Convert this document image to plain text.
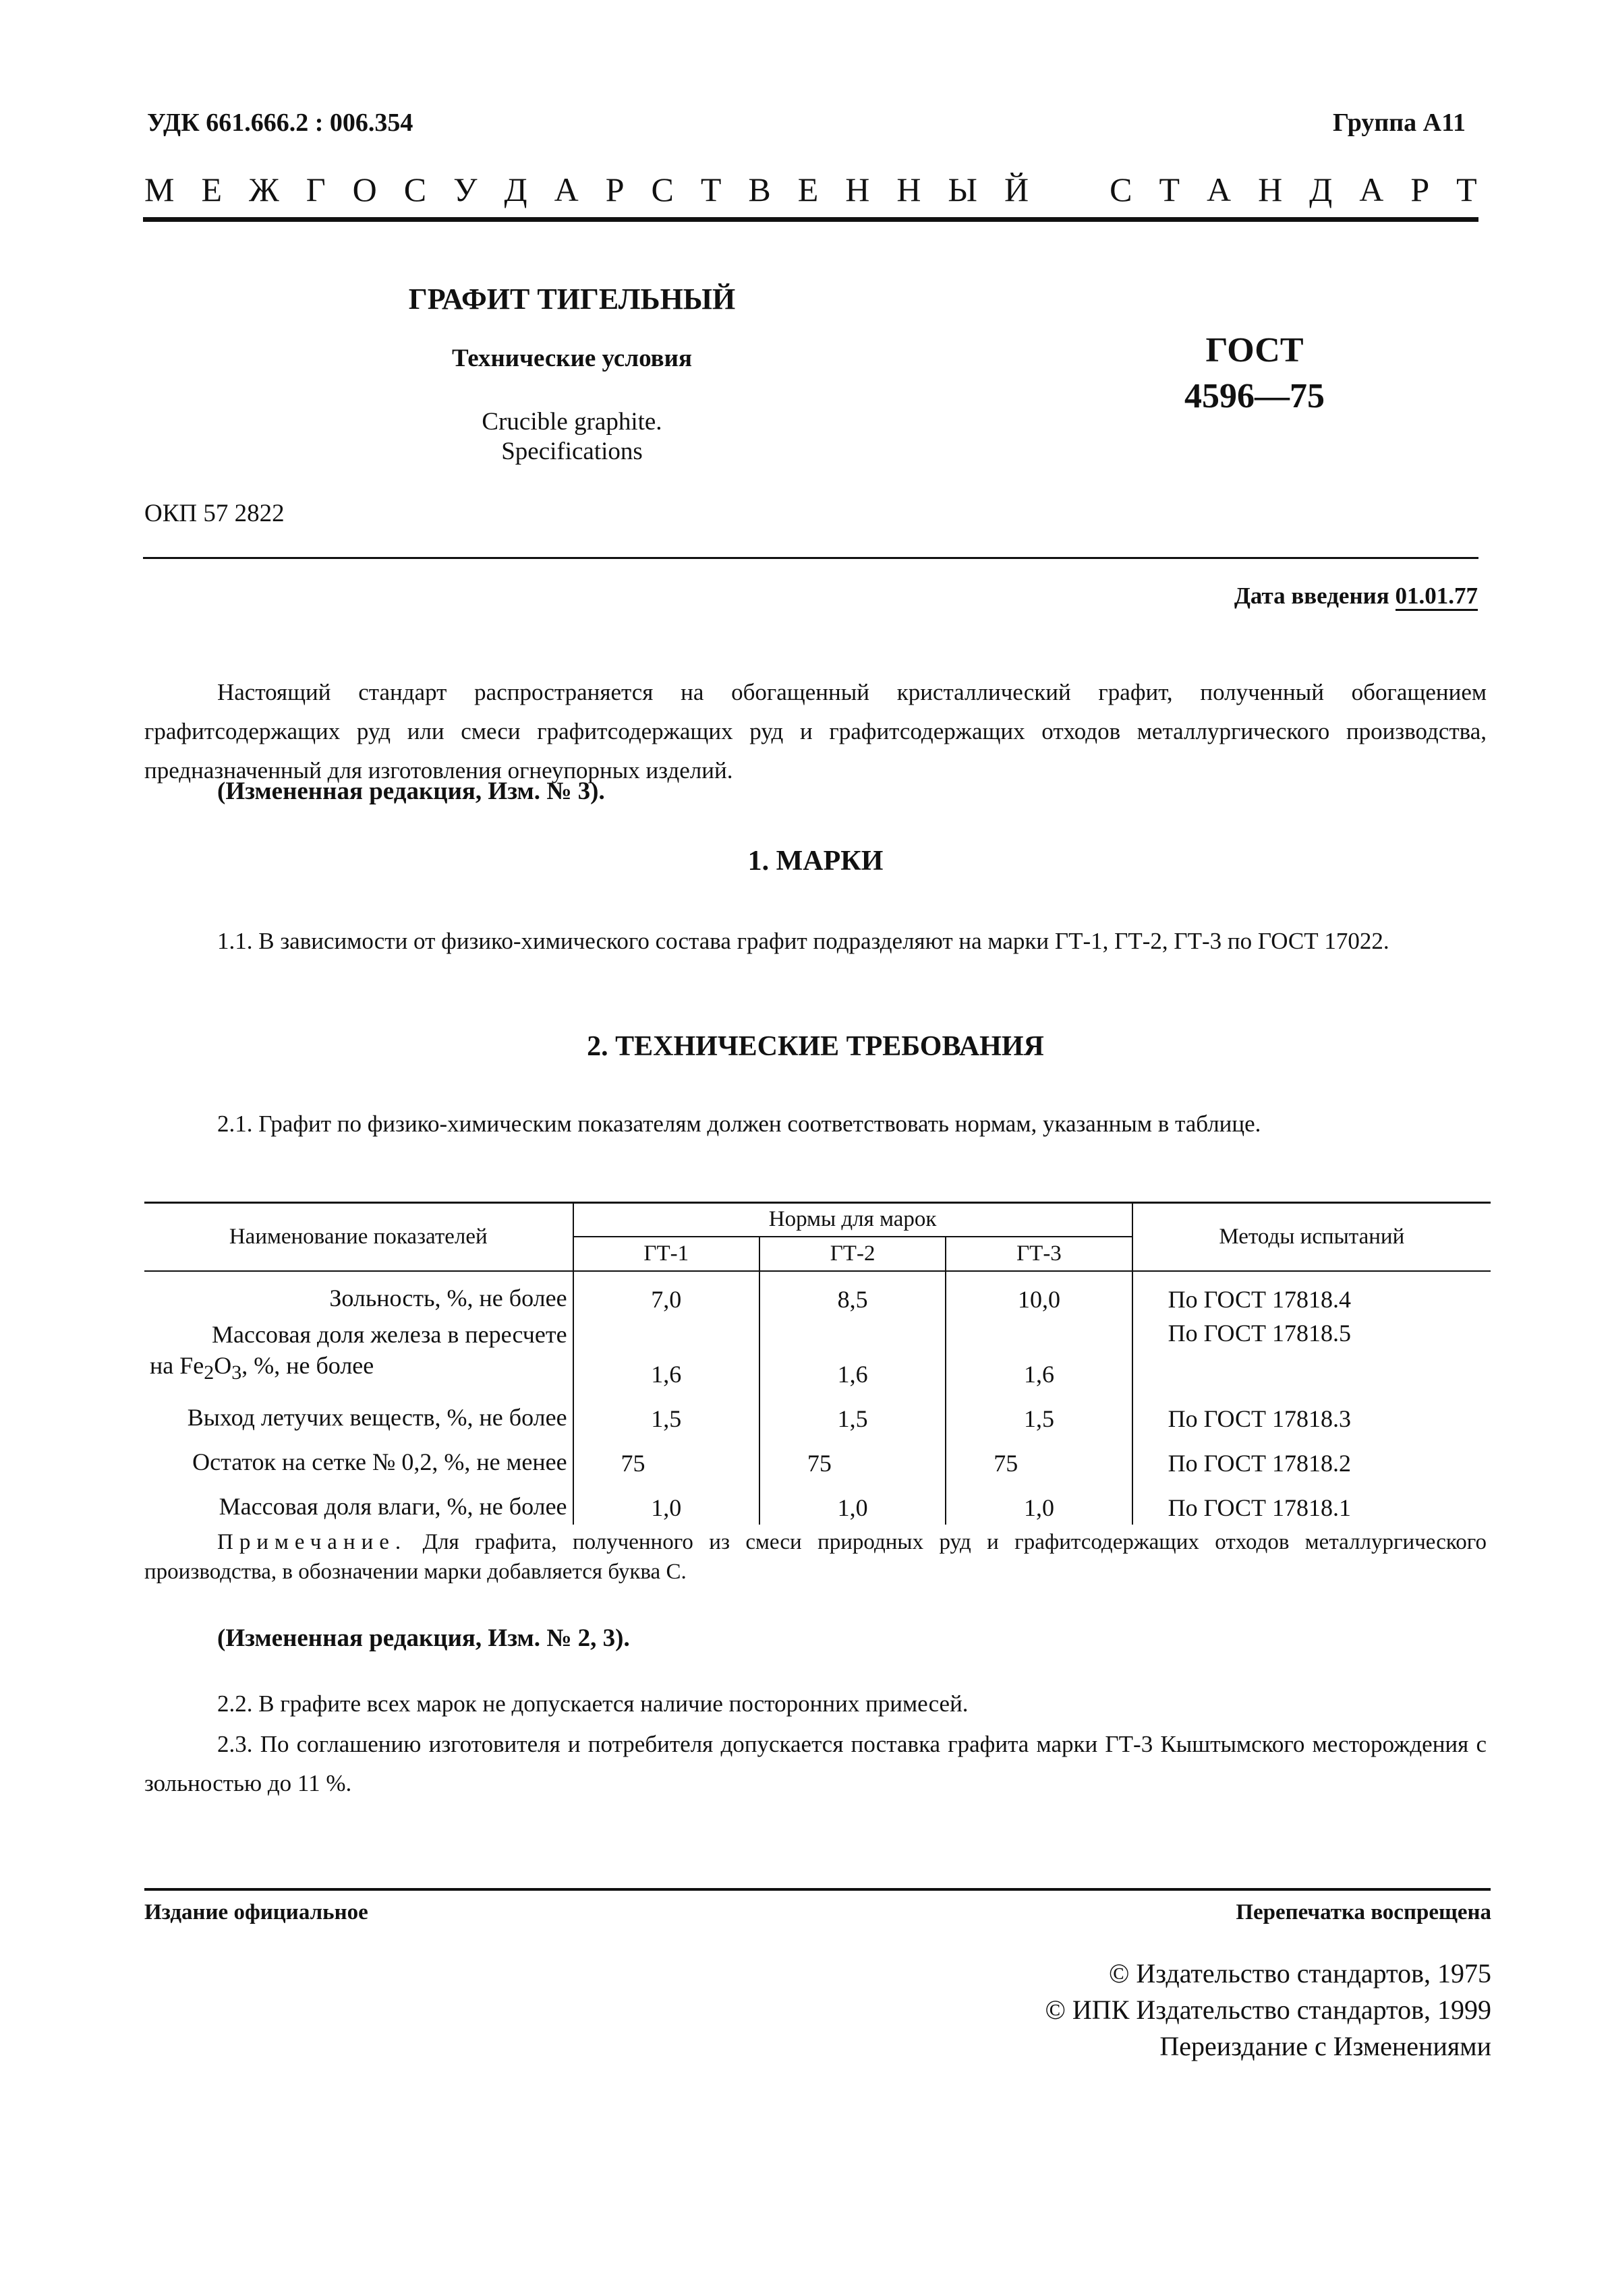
УДК 661.666.2 : 006.354	Группа А11
М Е Ж Г О С У Д А Р С Т В Е Н Н Ы Й С Т А Н Д А Р Т
ГРАФИТ ТИГЕЛЬНЫЙ
Технические условия
Crucible graphite.
Specifications
ГОСТ
4596—75
ОКП 57 2822
Дата введения 01.01.77
Настоящий стандарт распространяется на обогащенный кристаллический графит, полученный обогащением графитсодержащих руд или смеси графитсодержащих руд и графитсодержащих отходов металлургического производства, предназначенный для изготовления огнеупорных изделий.
(Измененная редакция, Изм. № 3).
1. МАРКИ
1.1. В зависимости от физико-химического состава графит подразделяют на марки ГТ-1, ГТ-2, ГТ-3 по ГОСТ 17022.
2. ТЕХНИЧЕСКИЕ ТРЕБОВАНИЯ
2.1. Графит по физико-химическим показателям должен соответствовать нормам, указанным в таблице.
Наименование показателей	Нормы для марок			Методы испытаний
	ГТ-1	ГТ-2	ГТ-3	
Зольность, %, не более	7,0	8,5	10,0	По ГОСТ 17818.4

Массовая доля железа в пересчете
на $Fe_2O_3$, %, не более	1,6	1,6	1,6	По ГОСТ 17818.5
Выход летучих веществ, %, не более	1,5	1,5	1,5	По ГОСТ 17818.3
Остаток на сетке № 0,2, %, не менее	75	75	75	По ГОСТ 17818.2
Массовая доля влаги, %, не более	1,0	1,0	1,0	По ГОСТ 17818.1
Примечание. Для графита, полученного из смеси природных руд и графитсодержащих отходов металлургического производства, в обозначении марки добавляется буква С.
(Измененная редакция, Изм. № 2, 3).
2.2. В графите всех марок не допускается наличие посторонних примесей.
2.3. По соглашению изготовителя и потребителя допускается поставка графита марки ГТ-3 Кыштымского месторождения с зольностью до 11 %.
Издание официальное	Перепечатка воспрещена
© Издательство стандартов, 1975
© ИПК Издательство стандартов, 1999
Переиздание с Изменениями
